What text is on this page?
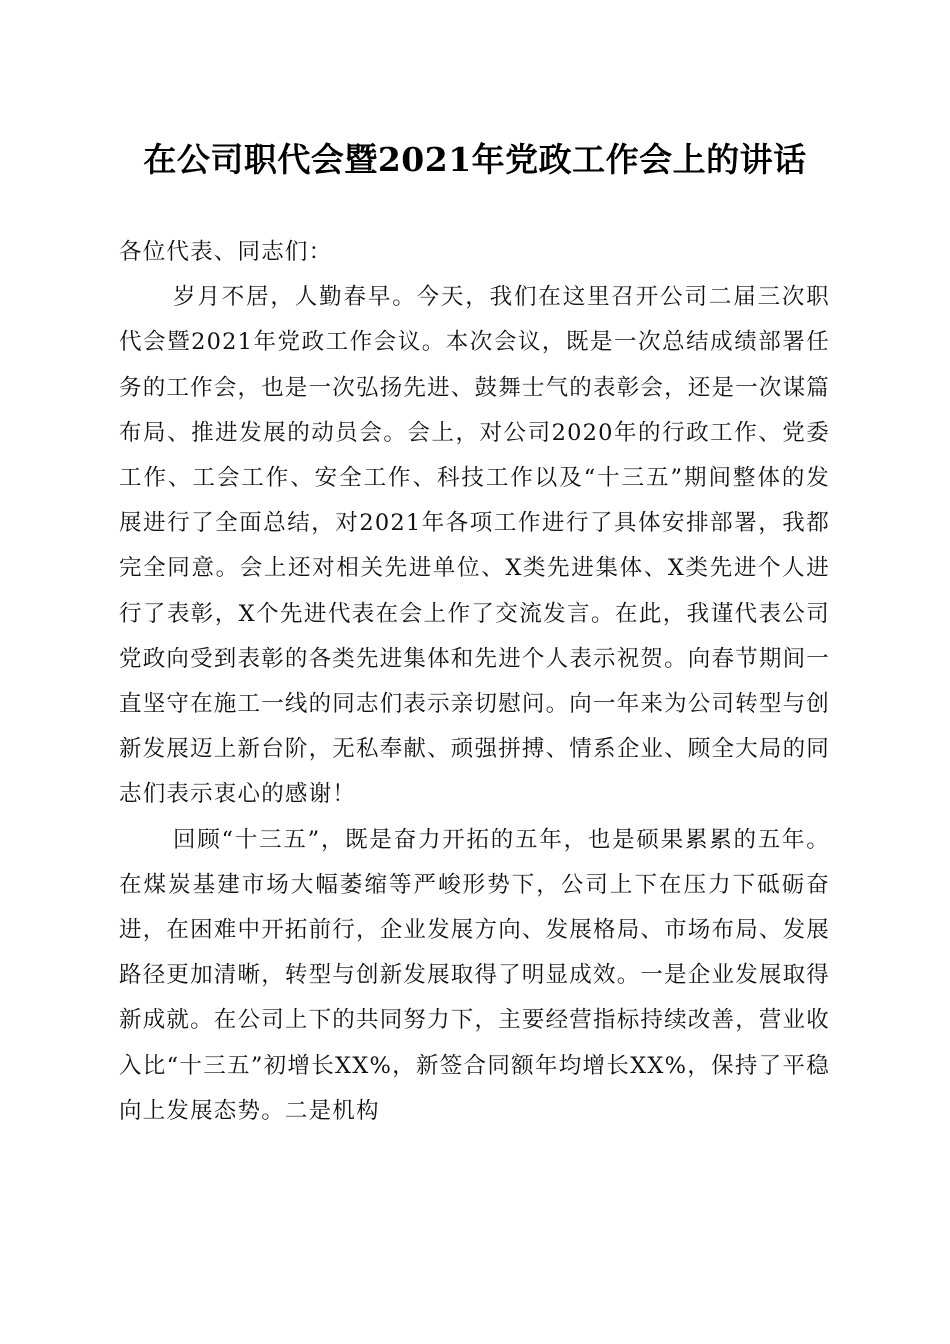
在公司职代会暨2021年党政工作会上的讲话

各位代表、同志们：

岁月不居，人勤春早。今天，我们在这里召开公司二届三次职代会暨2021年党政工作会议。本次会议，既是一次总结成绩部署任务的工作会，也是一次弘扬先进、鼓舞士气的表彰会，还是一次谋篇布局、推进发展的动员会。会上，对公司2020年的行政工作、党委工作、工会工作、安全工作、科技工作以及“十三五”期间整体的发展进行了全面总结，对2021年各项工作进行了具体安排部署，我都完全同意。会上还对相关先进单位、X类先进集体、X类先进个人进行了表彰，X个先进代表在会上作了交流发言。在此，我谨代表公司党政向受到表彰的各类先进集体和先进个人表示祝贺。向春节期间一直坚守在施工一线的同志们表示亲切慰问。向一年来为公司转型与创新发展迈上新台阶，无私奉献、顽强拼搏、情系企业、顾全大局的同志们表示衷心的感谢！

回顾“十三五”，既是奋力开拓的五年，也是硕果累累的五年。在煤炭基建市场大幅萎缩等严峻形势下，公司上下在压力下砥砺奋进，在困难中开拓前行，企业发展方向、发展格局、市场布局、发展路径更加清晰，转型与创新发展取得了明显成效。一是企业发展取得新成就。在公司上下的共同努力下，主要经营指标持续改善，营业收入比“十三五”初增长XX%，新签合同额年均增长XX%，保持了平稳向上发展态势。二是机构
